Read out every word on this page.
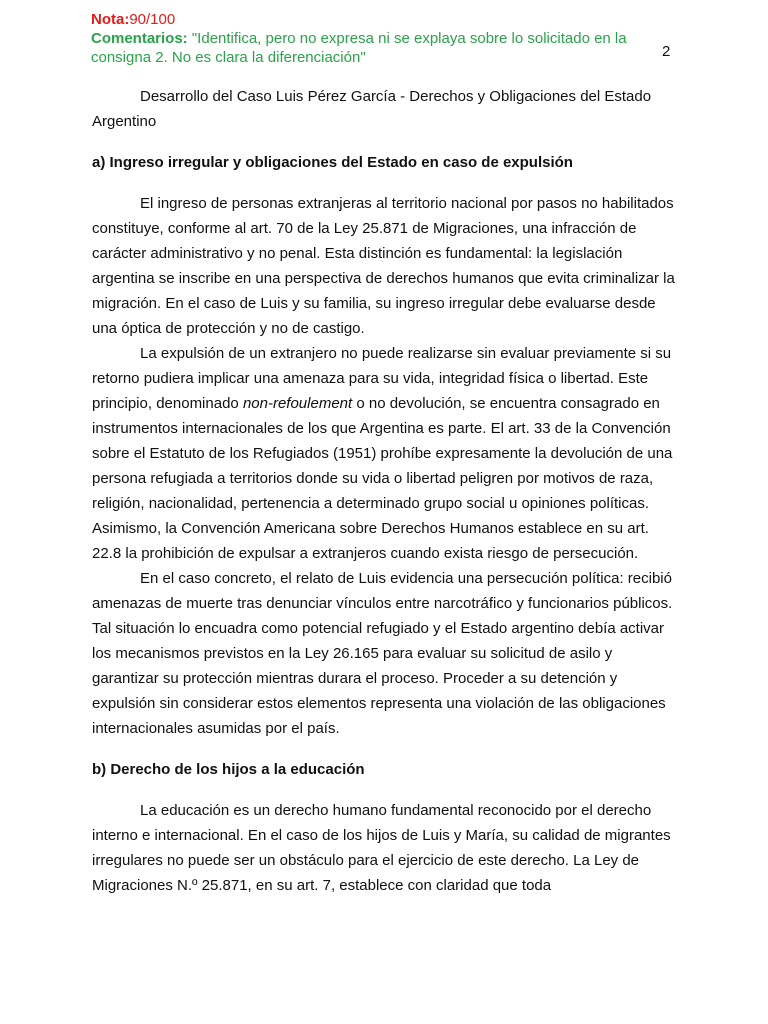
Nota:90/100
Comentarios: "Identifica, pero no expresa ni se explaya sobre lo solicitado en la consigna 2. No es clara la diferenciación"	2

Desarrollo del Caso Luis Pérez García - Derechos y Obligaciones del Estado Argentino

a) Ingreso irregular y obligaciones del Estado en caso de expulsión

El ingreso de personas extranjeras al territorio nacional por pasos no habilitados constituye, conforme al art. 70 de la Ley 25.871 de Migraciones, una infracción de carácter administrativo y no penal. Esta distinción es fundamental: la legislación argentina se inscribe en una perspectiva de derechos humanos que evita criminalizar la migración. En el caso de Luis y su familia, su ingreso irregular debe evaluarse desde una óptica de protección y no de castigo.

La expulsión de un extranjero no puede realizarse sin evaluar previamente si su retorno pudiera implicar una amenaza para su vida, integridad física o libertad. Este principio, denominado non-refoulement o no devolución, se encuentra consagrado en instrumentos internacionales de los que Argentina es parte. El art. 33 de la Convención sobre el Estatuto de los Refugiados (1951) prohíbe expresamente la devolución de una persona refugiada a territorios donde su vida o libertad peligren por motivos de raza, religión, nacionalidad, pertenencia a determinado grupo social u opiniones políticas. Asimismo, la Convención Americana sobre Derechos Humanos establece en su art. 22.8 la prohibición de expulsar a extranjeros cuando exista riesgo de persecución.

En el caso concreto, el relato de Luis evidencia una persecución política: recibió amenazas de muerte tras denunciar vínculos entre narcotráfico y funcionarios públicos. Tal situación lo encuadra como potencial refugiado y el Estado argentino debía activar los mecanismos previstos en la Ley 26.165 para evaluar su solicitud de asilo y garantizar su protección mientras durara el proceso. Proceder a su detención y expulsión sin considerar estos elementos representa una violación de las obligaciones internacionales asumidas por el país.

b) Derecho de los hijos a la educación

La educación es un derecho humano fundamental reconocido por el derecho interno e internacional. En el caso de los hijos de Luis y María, su calidad de migrantes irregulares no puede ser un obstáculo para el ejercicio de este derecho. La Ley de Migraciones N.º 25.871, en su art. 7, establece con claridad que toda
